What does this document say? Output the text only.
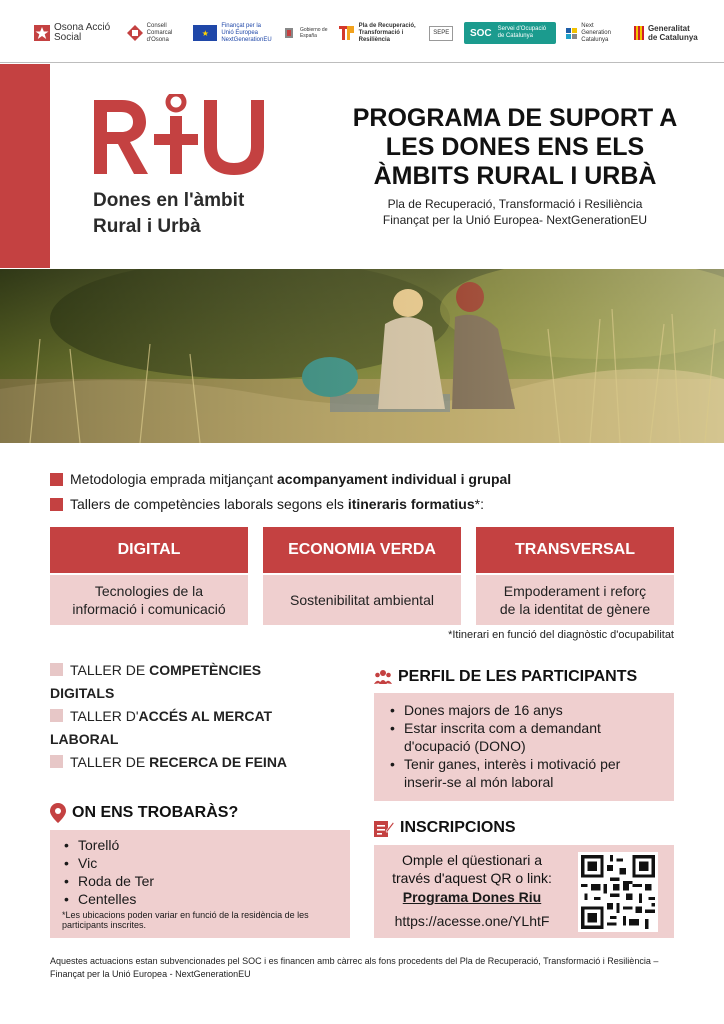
Osona Acció Social
Consell Comarcal d'Osona
★
Finançat per la Unió Europea NextGenerationEU
Gobierno de España
Pla de Recuperació, Transformació i Resiliència
SEPE	SOC Servei d'Ocupació de Catalunya
Next Generation Catalunya
Generalitat de Catalunya
Dones en l'àmbit
Rural i Urbà
PROGRAMA DE SUPORT A LES DONES ENS ELS ÀMBITS RURAL I URBÀ
Pla de Recuperació, Transformació i Resiliència
Finançat per la Unió Europea- NextGenerationEU
Metodologia emprada mitjançant acompanyament individual i grupal
Tallers de competències laborals segons els itineraris formatius*:
DIGITAL
Tecnologies de la
informació i comunicació
ECONOMIA VERDA
Sostenibilitat ambiental
TRANSVERSAL
Empoderament i reforç
de la identitat de gènere
*Itinerari en funció del diagnòstic d'ocupabilitat
TALLER DE COMPETÈNCIES DIGITALS
TALLER D'ACCÉS AL MERCAT LABORAL
TALLER DE RECERCA DE FEINA
PERFIL DE LES PARTICIPANTS
• Dones majors de 16 anys
• Estar inscrita com a demandant d'ocupació (DONO)
• Tenir ganes, interès i motivació per inserir-se al món laboral
ON ENS TROBARÀS?
• Torelló
• Vic
• Roda de Ter
• Centelles
*Les ubicacions poden variar en funció de la residència de les participants inscrites.
INSCRIPCIONS
Omple el qüestionari a través d'aquest QR o link:
Programa Dones Riu
https://acesse.one/YLhtF
Aquestes actuacions estan subvencionades pel SOC i es financen amb càrrec als fons procedents del Pla de Recuperació, Transformació i Resiliència – Finançat per la Unió Europea - NextGenerationEU
